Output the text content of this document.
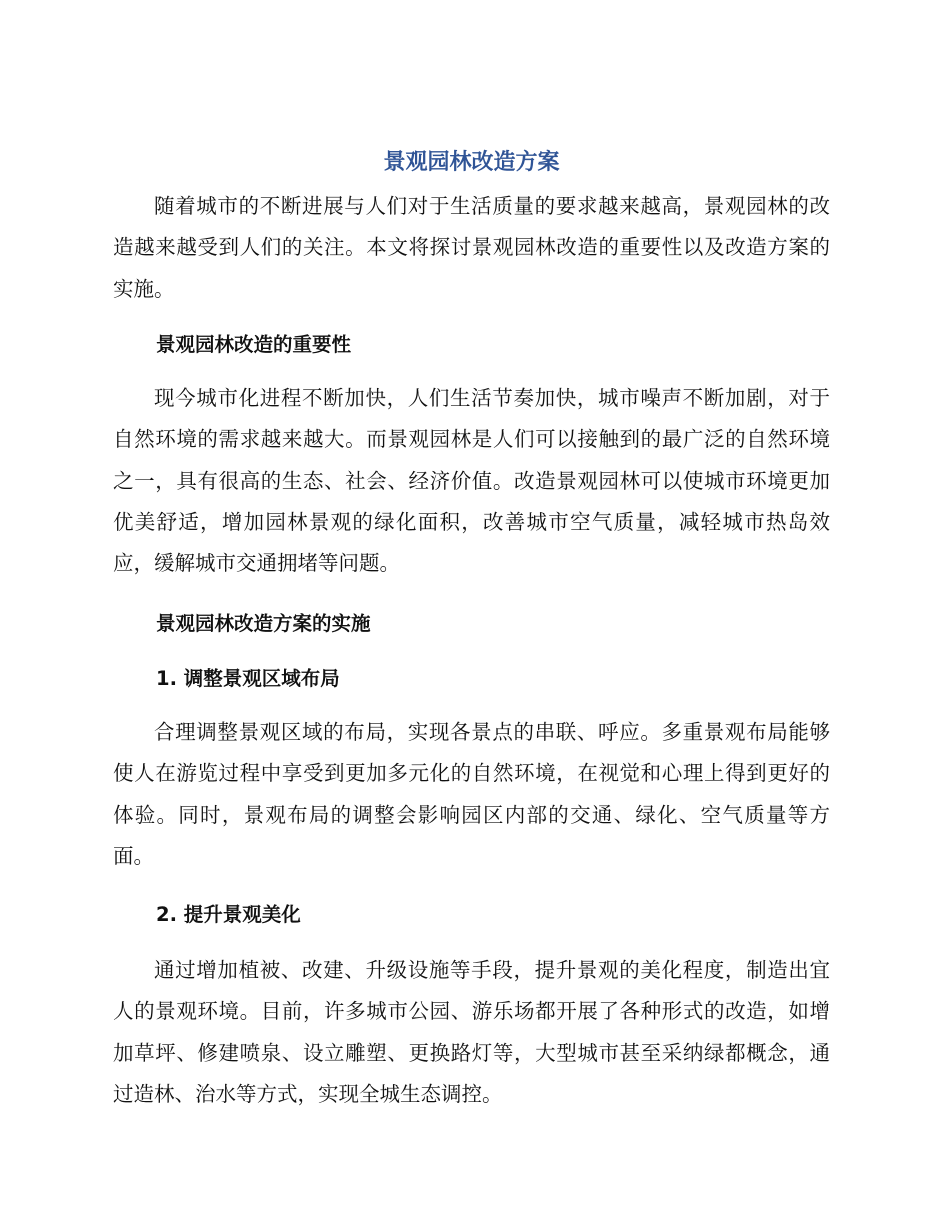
景观园林改造方案

随着城市的不断进展与人们对于生活质量的要求越来越高，景观园林的改造越来越受到人们的关注。本文将探讨景观园林改造的重要性以及改造方案的实施。

景观园林改造的重要性

现今城市化进程不断加快，人们生活节奏加快，城市噪声不断加剧，对于自然环境的需求越来越大。而景观园林是人们可以接触到的最广泛的自然环境之一，具有很高的生态、社会、经济价值。改造景观园林可以使城市环境更加优美舒适，增加园林景观的绿化面积，改善城市空气质量，减轻城市热岛效应，缓解城市交通拥堵等问题。

景观园林改造方案的实施
1. 调整景观区域布局

合理调整景观区域的布局，实现各景点的串联、呼应。多重景观布局能够使人在游览过程中享受到更加多元化的自然环境，在视觉和心理上得到更好的体验。同时，景观布局的调整会影响园区内部的交通、绿化、空气质量等方面。

2. 提升景观美化

通过增加植被、改建、升级设施等手段，提升景观的美化程度，制造出宜人的景观环境。目前，许多城市公园、游乐场都开展了各种形式的改造，如增加草坪、修建喷泉、设立雕塑、更换路灯等，大型城市甚至采纳绿都概念，通过造林、治水等方式，实现全城生态调控。
